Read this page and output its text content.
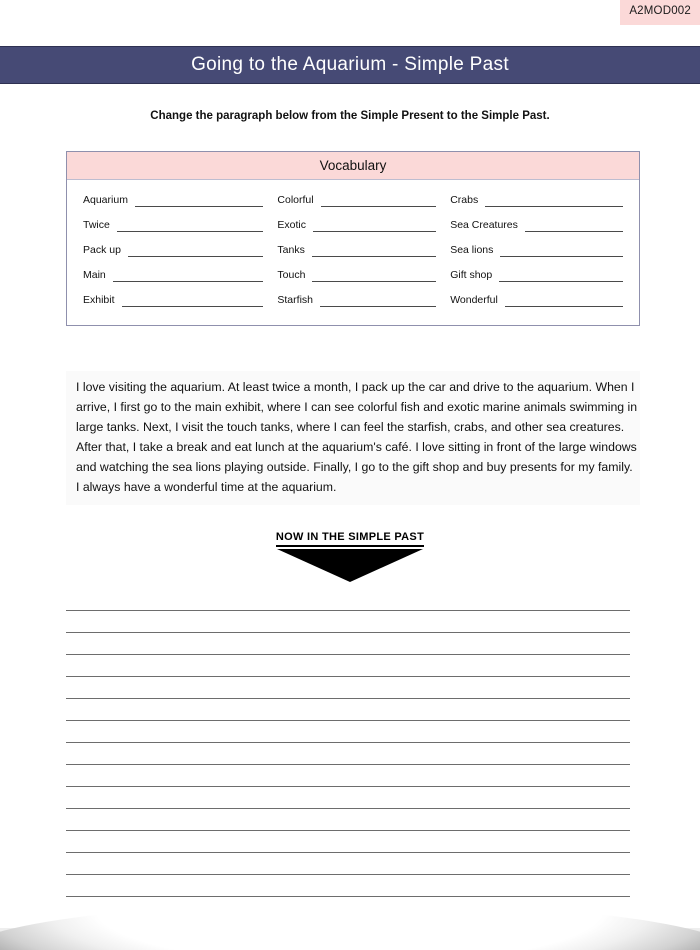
A2MOD002
Going to the Aquarium - Simple Past
Change the paragraph below from the Simple Present to the Simple Past.
Vocabulary
Aquarium	Colorful	Crabs
Twice	Exotic	Sea Creatures
Pack up	Tanks	Sea lions
Main	Touch	Gift shop
Exhibit	Starfish	Wonderful

I love visiting the aquarium. At least twice a month, I pack up the car and drive to the aquarium. When I arrive, I first go to the main exhibit, where I can see colorful fish and exotic marine animals swimming in large tanks. Next, I visit the touch tanks, where I can feel the starfish, crabs, and other sea creatures. After that, I take a break and eat lunch at the aquarium's café. I love sitting in front of the large windows and watching the sea lions playing outside. Finally, I go to the gift shop and buy presents for my family. I always have a wonderful time at the aquarium.

NOW IN THE SIMPLE PAST
